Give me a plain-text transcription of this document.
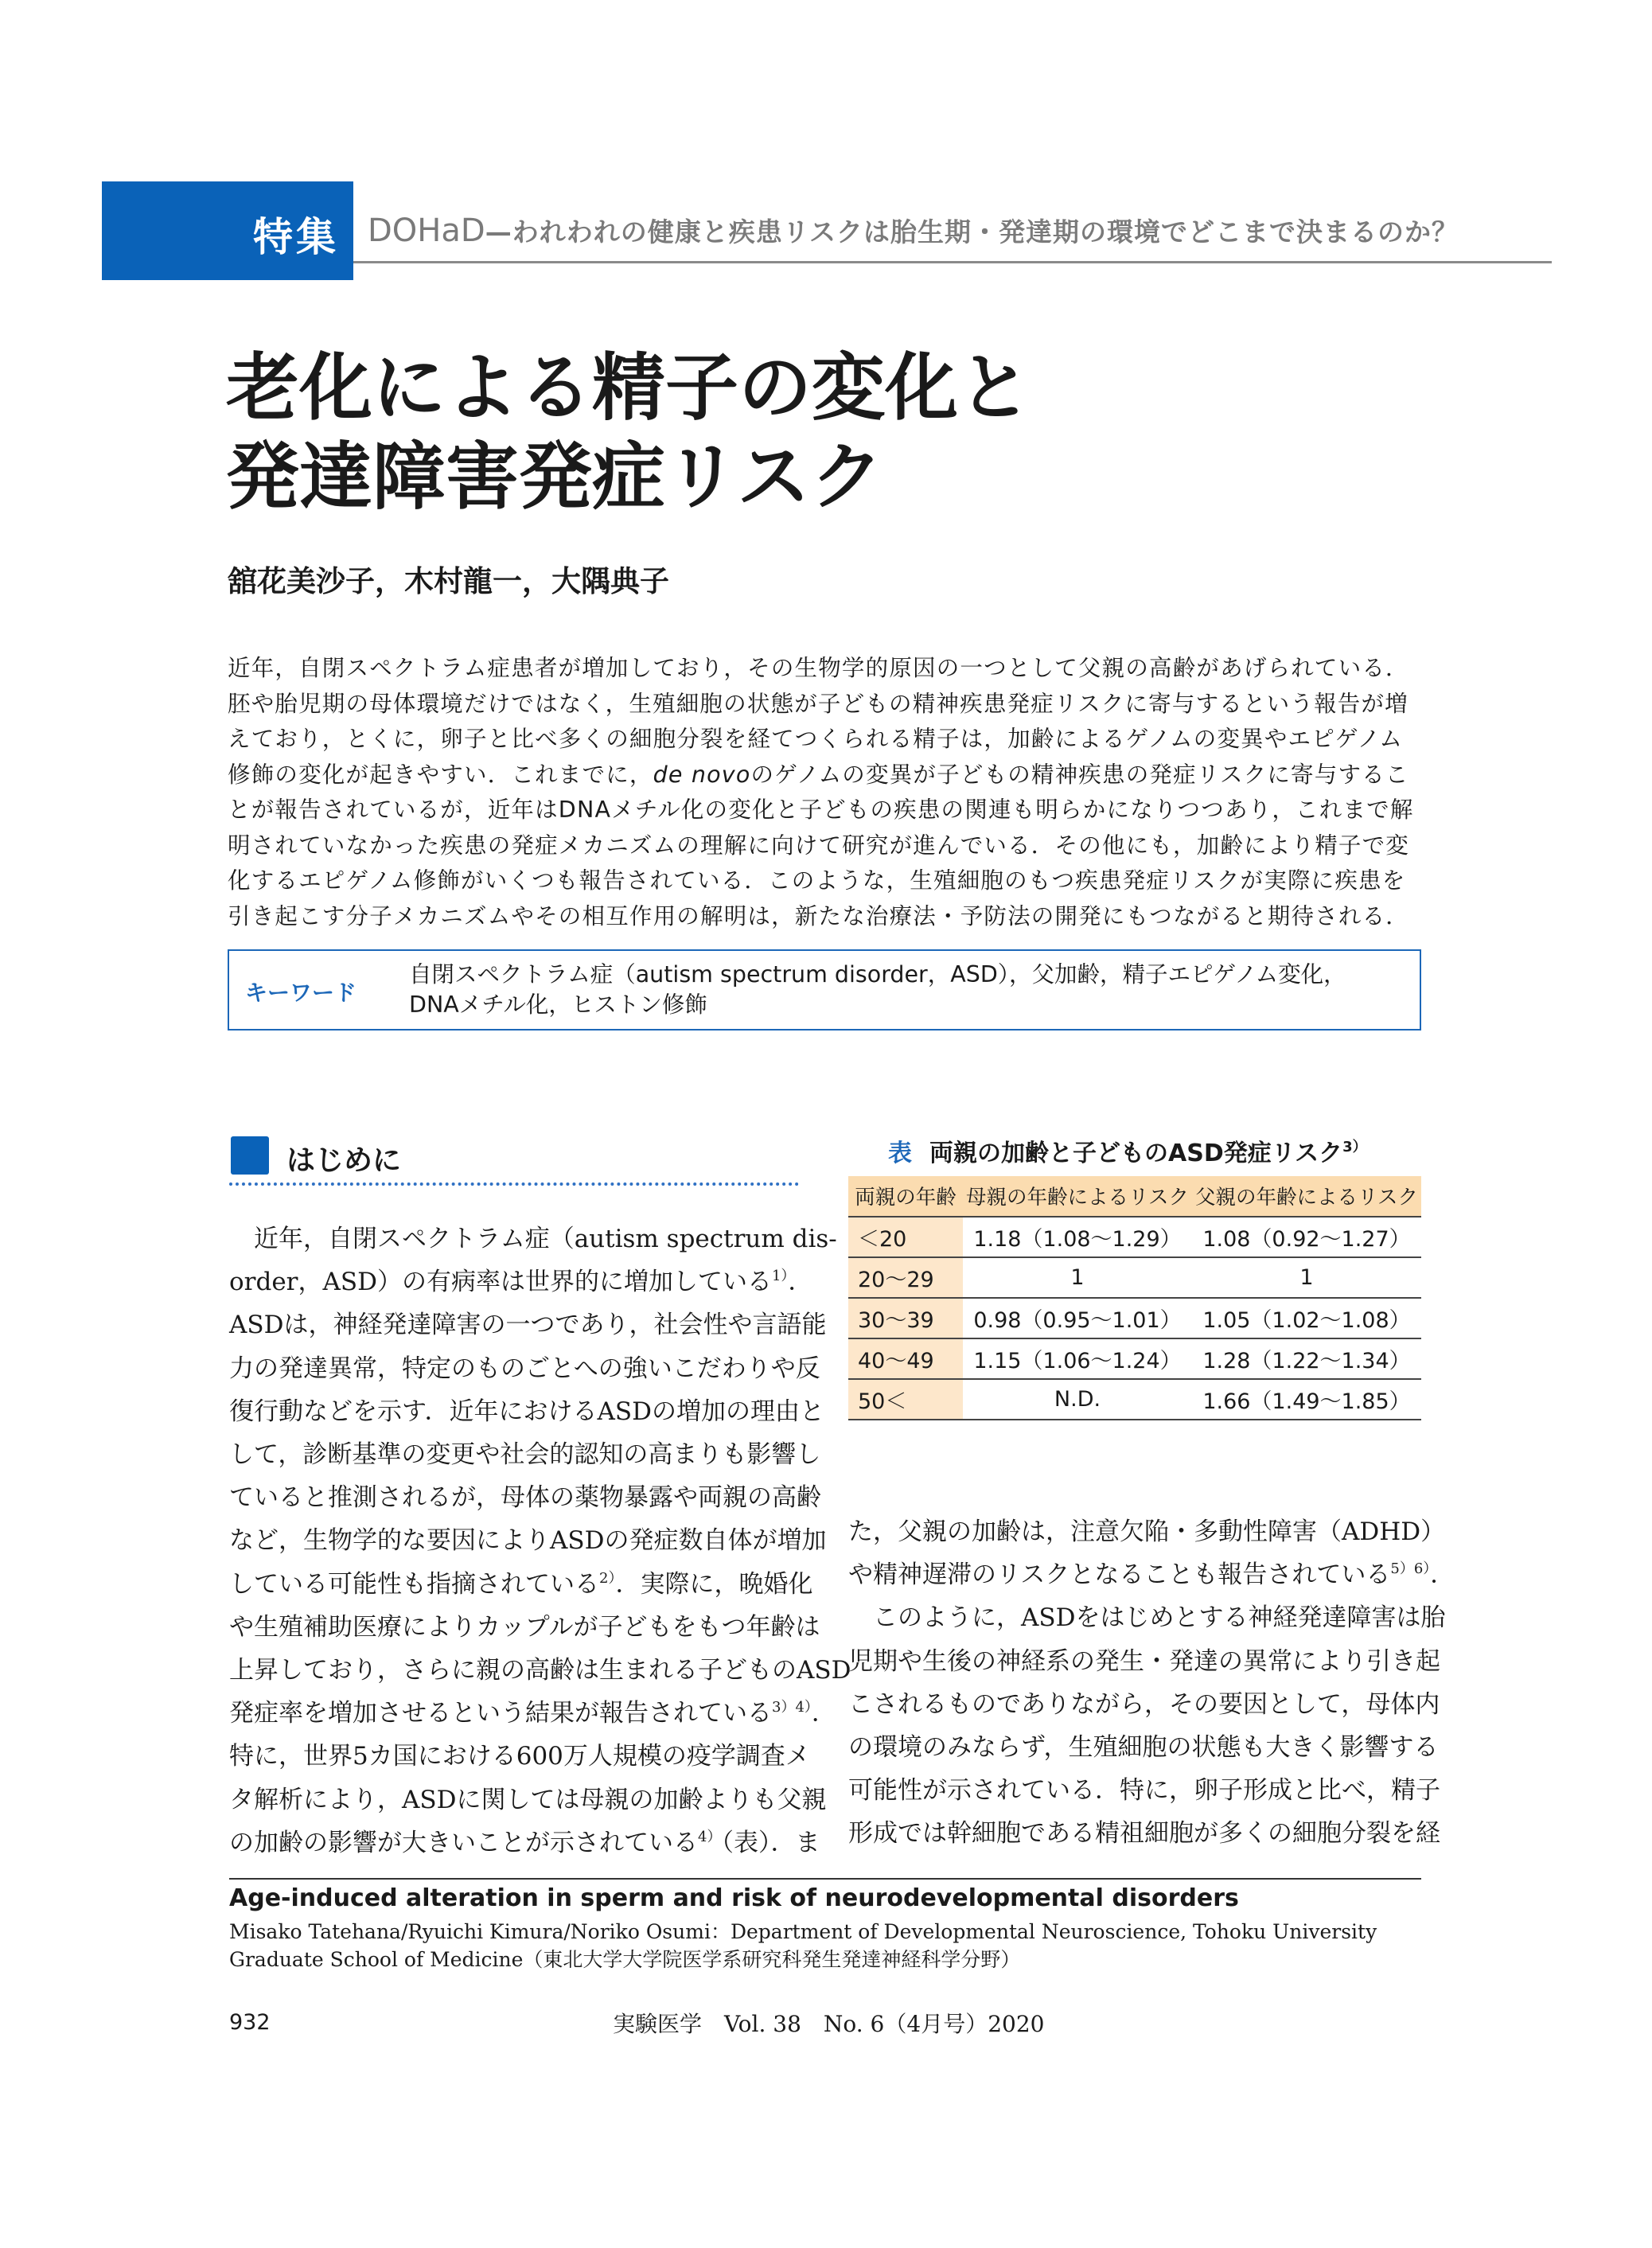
特集 DOHaD—われわれの健康と疾患リスクは胎生期・発達期の環境でどこまで決まるのか？
老化による精子の変化と
発達障害発症リスク
舘花美沙子，木村龍一，大隅典子

近年，自閉スペクトラム症患者が増加しており，その生物学的原因の一つとして父親の高齢があげられている．

胚や胎児期の母体環境だけではなく，生殖細胞の状態が子どもの精神疾患発症リスクに寄与するという報告が増

えており，とくに，卵子と比べ多くの細胞分裂を経てつくられる精子は，加齢によるゲノムの変異やエピゲノム

修飾の変化が起きやすい．これまでに，de novoのゲノムの変異が子どもの精神疾患の発症リスクに寄与するこ

とが報告されているが，近年はDNAメチル化の変化と子どもの疾患の関連も明らかになりつつあり，これまで解

明されていなかった疾患の発症メカニズムの理解に向けて研究が進んでいる．その他にも，加齢により精子で変

化するエピゲノム修飾がいくつも報告されている．このような，生殖細胞のもつ疾患発症リスクが実際に疾患を

引き起こす分子メカニズムやその相互作用の解明は，新たな治療法・予防法の開発にもつながると期待される．

キーワード
自閉スペクトラム症（autism spectrum disorder，ASD），父加齢，精子エピゲノム変化，
DNAメチル化，ヒストン修飾
はじめに

　近年，自閉スペクトラム症（autism spectrum dis-

order，ASD）の有病率は世界的に増加している$^{1)}$．

ASDは，神経発達障害の一つであり，社会性や言語能

力の発達異常，特定のものごとへの強いこだわりや反

復行動などを示す．近年におけるASDの増加の理由と

して，診断基準の変更や社会的認知の高まりも影響し

ていると推測されるが，母体の薬物暴露や両親の高齢

など，生物学的な要因によりASDの発症数自体が増加

している可能性も指摘されている$^{2)}$．実際に，晩婚化

や生殖補助医療によりカップルが子どもをもつ年齢は

上昇しており，さらに親の高齢は生まれる子どものASD

発症率を増加させるという結果が報告されている$^{3)4)}$．

特に，世界5カ国における600万人規模の疫学調査メ

タ解析により，ASDに関しては母親の加齢よりも父親

の加齢の影響が大きいことが示されている$^{4)}$（表）．ま

表 両親の加齢と子どものASD発症リスク$^{3)}$
両親の年齢	母親の年齢によるリスク	父親の年齢によるリスク
＜20	1.18（1.08～1.29）	1.08（0.92～1.27）
20～29	1	1
30～39	0.98（0.95～1.01）	1.05（1.02～1.08）
40～49	1.15（1.06～1.24）	1.28（1.22～1.34）
50＜	N.D.	1.66（1.49～1.85）

た，父親の加齢は，注意欠陥・多動性障害（ADHD）

や精神遅滞のリスクとなることも報告されている$^{5)6)}$．

　このように，ASDをはじめとする神経発達障害は胎

児期や生後の神経系の発生・発達の異常により引き起

こされるものでありながら，その要因として，母体内

の環境のみならず，生殖細胞の状態も大きく影響する

可能性が示されている．特に，卵子形成と比べ，精子

形成では幹細胞である精祖細胞が多くの細胞分裂を経

Age-induced alteration in sperm and risk of neurodevelopmental disorders

Misako Tatehana/Ryuichi Kimura/Noriko Osumi：Department of Developmental Neuroscience, Tohoku University

Graduate School of Medicine（東北大学大学院医学系研究科発生発達神経科学分野）

932	実験医学　Vol. 38　No. 6（4月号）2020
